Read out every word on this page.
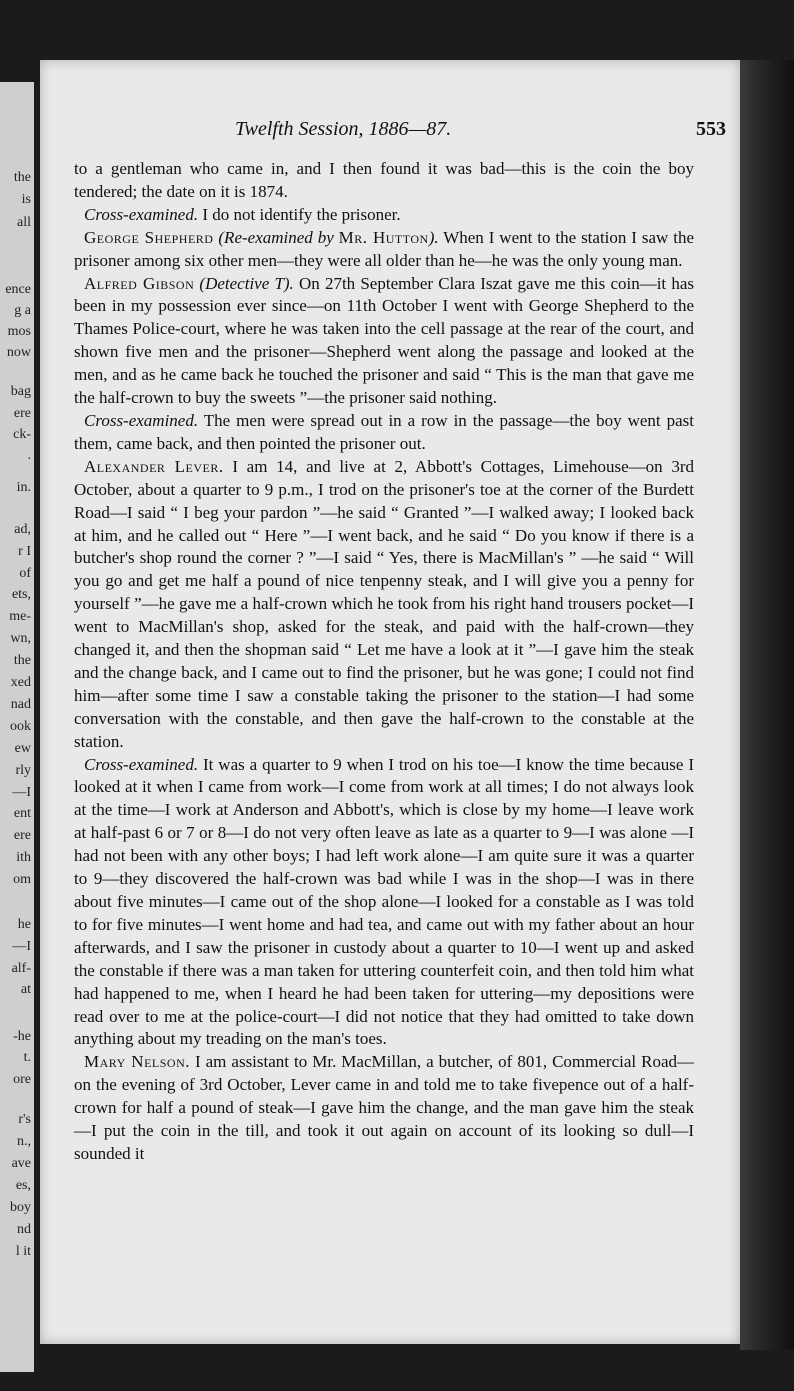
the
is
all
ence
g a
mos
now
bag
ere
ck-
.
in.
ad,
r I
of
ets,
me-
wn,
the
xed
nad
ook
ew
rly
—I
ent
ere
ith
om
he
—I
alf-
at
-he
t.
ore
r's
n.,
ave
es,
boy
nd
l it
Twelfth Session, 1886—87.	553

to a gentleman who came in, and I then found it was bad—this is the coin the boy tendered; the date on it is 1874.

Cross-examined. I do not identify the prisoner.

George Shepherd (Re-examined by Mr. Hutton). When I went to the station I saw the prisoner among six other men—they were all older than he—he was the only young man.

Alfred Gibson (Detective T). On 27th September Clara Iszat gave me this coin—it has been in my possession ever since—on 11th October I went with George Shepherd to the Thames Police-court, where he was taken into the cell passage at the rear of the court, and shown five men and the prisoner—Shepherd went along the passage and looked at the men, and as he came back he touched the prisoner and said “ This is the man that gave me the half-crown to buy the sweets ”—the prisoner said nothing.

Cross-examined. The men were spread out in a row in the passage—the boy went past them, came back, and then pointed the prisoner out.

Alexander Lever. I am 14, and live at 2, Abbott's Cottages, Limehouse—on 3rd October, about a quarter to 9 p.m., I trod on the prisoner's toe at the corner of the Burdett Road—I said “ I beg your pardon ”—he said “ Granted ”—I walked away; I looked back at him, and he called out “ Here ”—I went back, and he said “ Do you know if there is a butcher's shop round the corner ? ”—I said “ Yes, there is MacMillan's ” —he said “ Will you go and get me half a pound of nice tenpenny steak, and I will give you a penny for yourself ”—he gave me a half-crown which he took from his right hand trousers pocket—I went to MacMillan's shop, asked for the steak, and paid with the half-crown—they changed it, and then the shopman said “ Let me have a look at it ”—I gave him the steak and the change back, and I came out to find the prisoner, but he was gone; I could not find him—after some time I saw a constable taking the prisoner to the station—I had some conversation with the constable, and then gave the half-crown to the constable at the station.

Cross-examined. It was a quarter to 9 when I trod on his toe—I know the time because I looked at it when I came from work—I come from work at all times; I do not always look at the time—I work at Anderson and Abbott's, which is close by my home—I leave work at half-past 6 or 7 or 8—I do not very often leave as late as a quarter to 9—I was alone —I had not been with any other boys; I had left work alone—I am quite sure it was a quarter to 9—they discovered the half-crown was bad while I was in the shop—I was in there about five minutes—I came out of the shop alone—I looked for a constable as I was told to for five minutes—I went home and had tea, and came out with my father about an hour afterwards, and I saw the prisoner in custody about a quarter to 10—I went up and asked the constable if there was a man taken for uttering counterfeit coin, and then told him what had happened to me, when I heard he had been taken for uttering—my depositions were read over to me at the police-court—I did not notice that they had omitted to take down anything about my treading on the man's toes.

Mary Nelson. I am assistant to Mr. MacMillan, a butcher, of 801, Commercial Road—on the evening of 3rd October, Lever came in and told me to take fivepence out of a half-crown for half a pound of steak—I gave him the change, and the man gave him the steak—I put the coin in the till, and took it out again on account of its looking so dull—I sounded it
